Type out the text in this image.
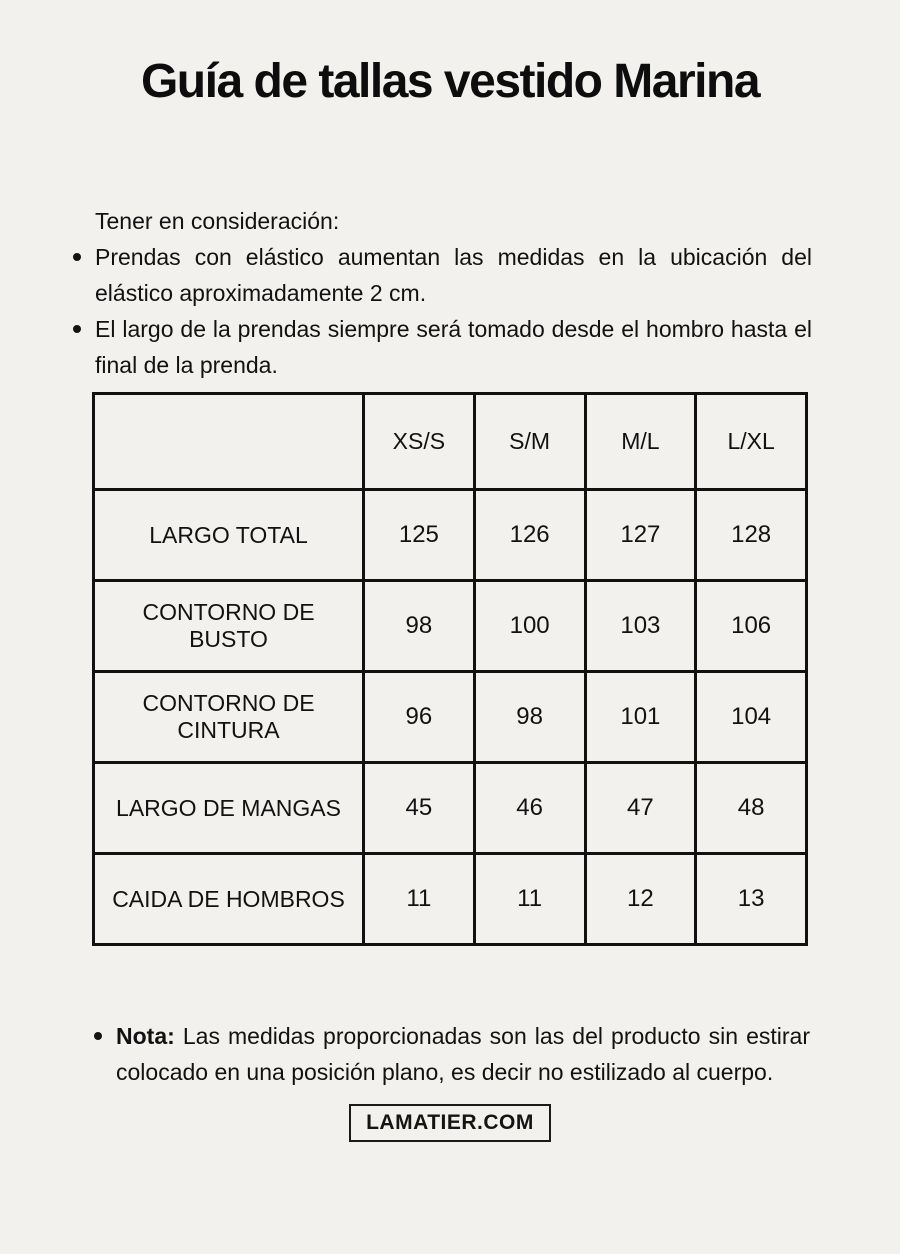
Guía de tallas vestido Marina

Tener en consideración:

Prendas con elástico aumentan las medidas en la ubicación del elástico aproximadamente 2 cm.
El largo de la prendas siempre será tomado desde el hombro hasta el final de la prenda.
	XS/S	S/M	M/L	L/XL
LARGO TOTAL	125	126	127	128
CONTORNO DE BUSTO	98	100	103	106
CONTORNO DE CINTURA	96	98	101	104
LARGO DE MANGAS	45	46	47	48
CAIDA DE HOMBROS	11	11	12	13
Nota: Las medidas proporcionadas son las del producto sin estirar colocado en una posición plano, es decir no estilizado al cuerpo.
LAMATIER.COM
